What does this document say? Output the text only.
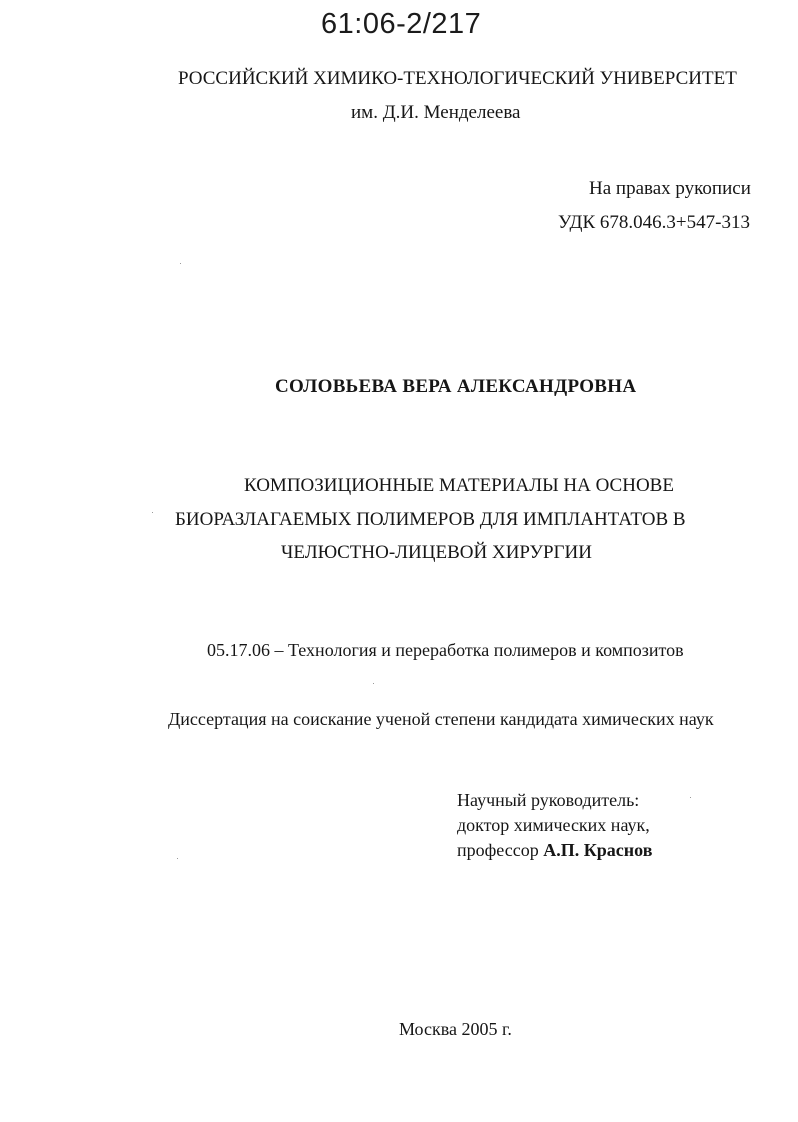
61:06-2/217
РОССИЙСКИЙ ХИМИКО-ТЕХНОЛОГИЧЕСКИЙ УНИВЕРСИТЕТ
им. Д.И. Менделеева
На правах рукописи
УДК 678.046.3+547-313
СОЛОВЬЕВА ВЕРА АЛЕКСАНДРОВНА
КОМПОЗИЦИОННЫЕ МАТЕРИАЛЫ НА ОСНОВЕ
БИОРАЗЛАГАЕМЫХ ПОЛИМЕРОВ ДЛЯ ИМПЛАНТАТОВ В
ЧЕЛЮСТНО-ЛИЦЕВОЙ ХИРУРГИИ
05.17.06 – Технология и переработка полимеров и композитов
Диссертация на соискание ученой степени кандидата химических наук
Научный руководитель:
доктор химических наук,
профессор А.П. Краснов
Москва 2005 г.
